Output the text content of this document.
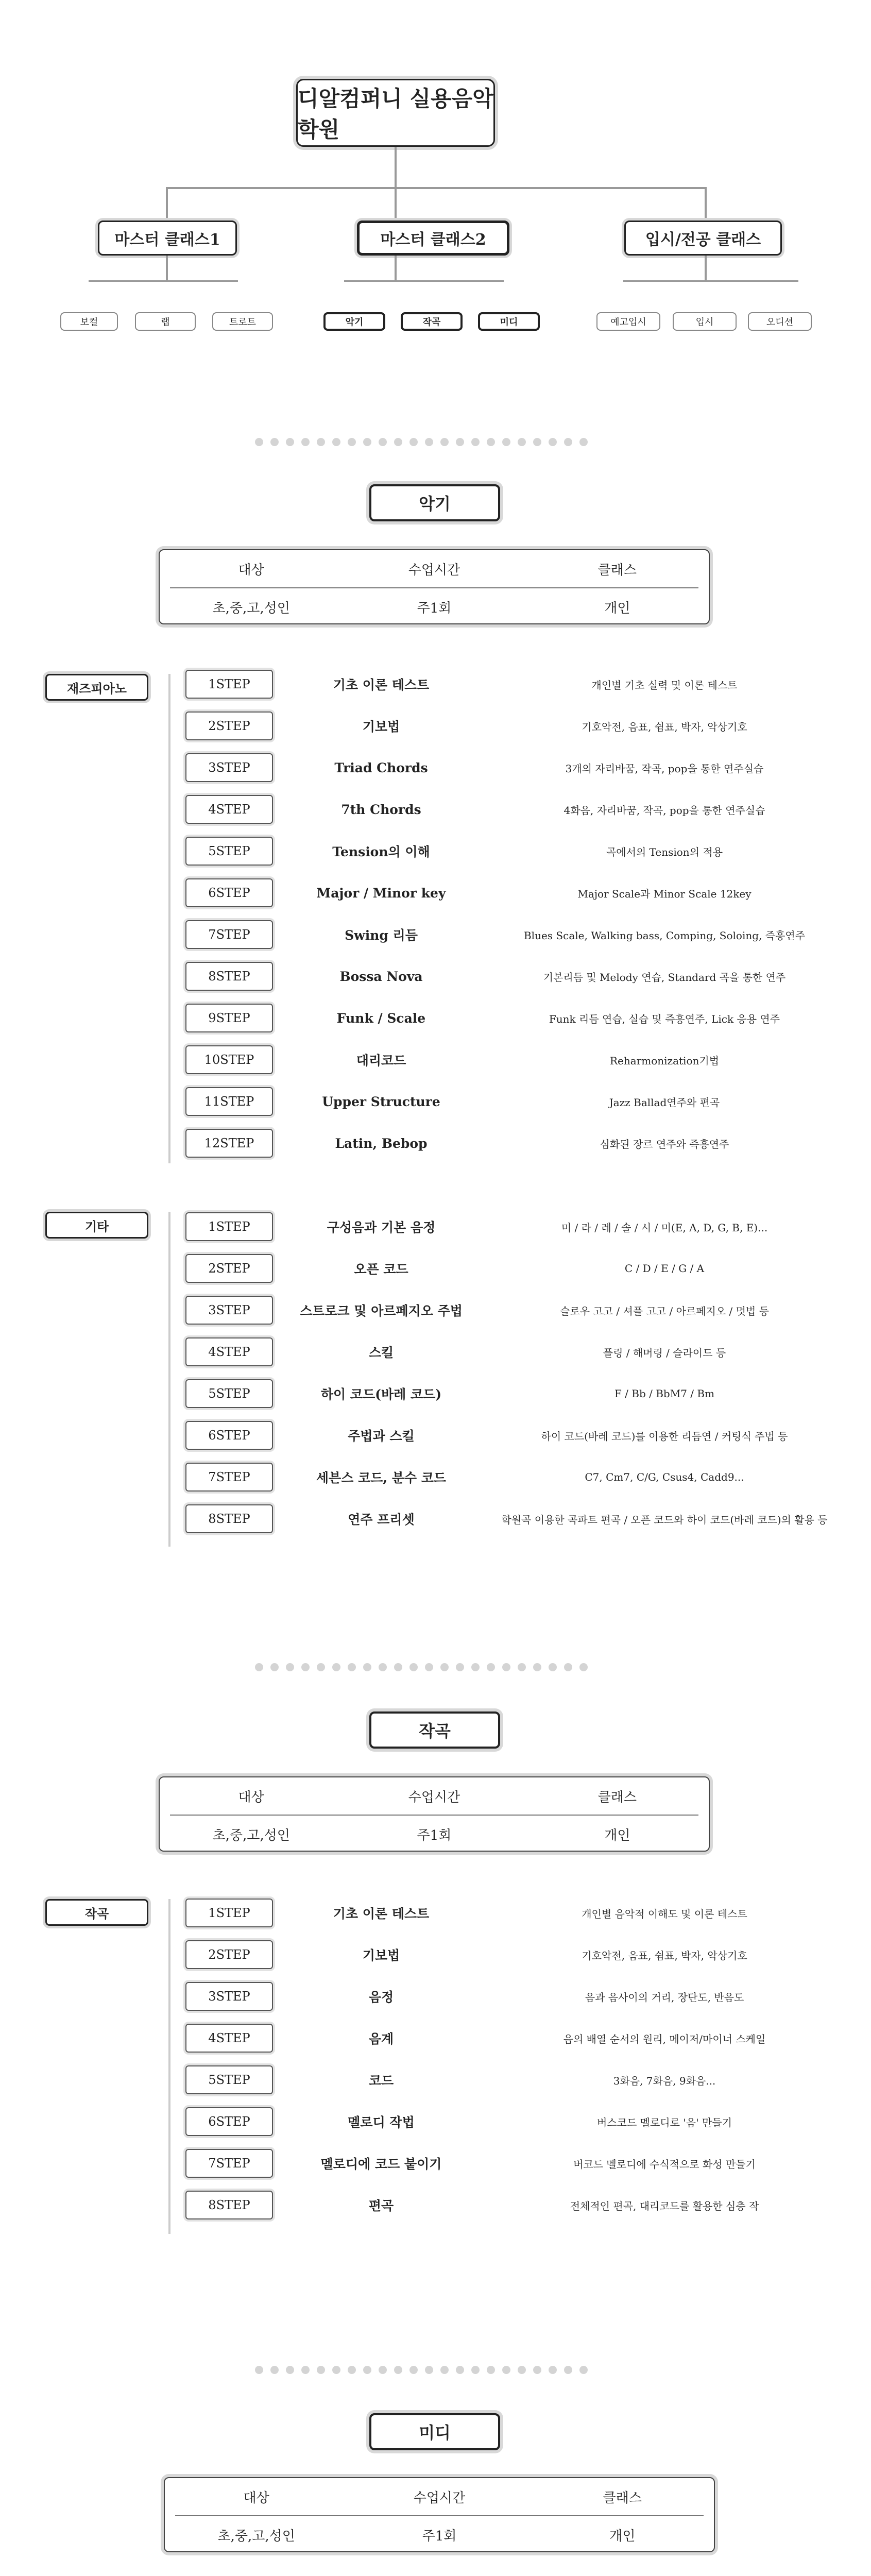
디알컴퍼니 실용음악학원
마스터 클래스1	마스터 클래스2	입시/전공 클래스
보컬	랩	트로트	악기	작곡	미디	예고입시	입시	오디션
악기
대상	수업시간	클래스
초,중,고,성인	주1회	개인
재즈피아노	1STEP	기초 이론 테스트	개인별 기초 실력 및 이론 테스트
2STEP	기보법	기호악전, 음표, 쉼표, 박자, 악상기호
3STEP	Triad Chords	3개의 자리바꿈, 작곡, pop을 통한 연주실습
4STEP	7th Chords	4화음, 자리바꿈, 작곡, pop을 통한 연주실습
5STEP	Tension의 이해	곡에서의 Tension의 적용
6STEP	Major / Minor key	Major Scale과 Minor Scale 12key
7STEP	Swing 리듬	Blues Scale, Walking bass, Comping, Soloing, 즉흥연주
8STEP	Bossa Nova	기본리듬 및 Melody 연습, Standard 곡을 통한 연주
9STEP	Funk / Scale	Funk 리듬 연습, 실습 및 즉흥연주, Lick 응용 연주
10STEP	대리코드	Reharmonization기법
11STEP	Upper Structure	Jazz Ballad연주와 편곡
12STEP	Latin, Bebop	심화된 장르 연주와 즉흥연주
기타	1STEP	구성음과 기본 음정	미 / 라 / 레 / 솔 / 시 / 미(E, A, D, G, B, E)...
2STEP	오픈 코드	C / D / E / G / A
3STEP	스트로크 및 아르페지오 주법	슬로우 고고 / 셔플 고고 / 아르페지오 / 멋법 등
4STEP	스킬	플링 / 해머링 / 슬라이드 등
5STEP	하이 코드(바레 코드)	F / Bb / BbM7 / Bm
6STEP	주법과 스킬	하이 코드(바레 코드)를 이용한 리듬연 / 커팅식 주법 등
7STEP	세븐스 코드, 분수 코드	C7, Cm7, C/G, Csus4, Cadd9...
8STEP	연주 프리셋	학원곡 이용한 곡파트 편곡 / 오픈 코드와 하이 코드(바레 코드)의 활용 등
작곡
대상	수업시간	클래스
초,중,고,성인	주1회	개인
작곡	1STEP	기초 이론 테스트	개인별 음악적 이해도 및 이론 테스트
2STEP	기보법	기호악전, 음표, 쉼표, 박자, 악상기호
3STEP	음정	음과 음사이의 거리, 장단도, 반음도
4STEP	음계	음의 배열 순서의 원리, 메이저/마이너 스케일
5STEP	코드	3화음, 7화음, 9화음...
6STEP	멜로디 작법	버스코드 멜로디로 '음' 만들기
7STEP	멜로디에 코드 붙이기	버코드 멜로디에 수식적으로 화성 만들기
8STEP	편곡	전체적인 편곡, 대리코드를 활용한 심층 작
미디
대상	수업시간	클래스
초,중,고,성인	주1회	개인
